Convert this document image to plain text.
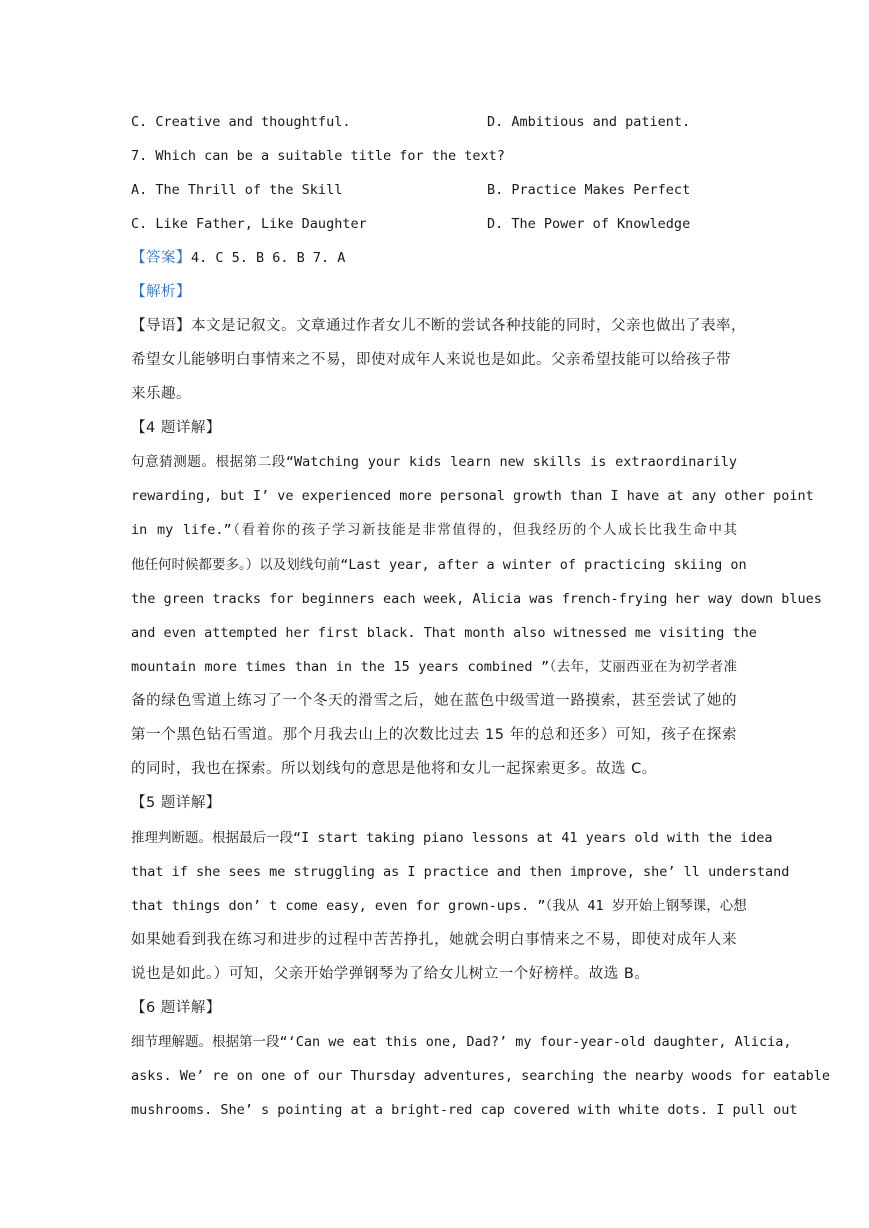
C. Creative and thoughtful.	D. Ambitious and patient.
7. Which can be a suitable title for the text?
A. The Thrill of the Skill	B. Practice Makes Perfect
C. Like Father, Like Daughter	D. The Power of Knowledge
【答案】4. C 5. B 6. B 7. A
【解析】
【导语】本文是记叙文。文章通过作者女儿不断的尝试各种技能的同时，父亲也做出了表率，
希望女儿能够明白事情来之不易，即使对成年人来说也是如此。父亲希望技能可以给孩子带
来乐趣。
【4 题详解】
句意猜测题。根据第二段“Watching your kids learn new skills is extraordinarily
rewarding, but I’ ve experienced more personal growth than I have at any other point
in my life.”（看着你的孩子学习新技能是非常值得的，但我经历的个人成长比我生命中其
他任何时候都要多。）以及划线句前“Last year, after a winter of practicing skiing on
the green tracks for beginners each week, Alicia was french-frying her way down blues
and even attempted her first black. That month also witnessed me visiting the
mountain more times than in the 15 years combined ”（去年，艾丽西亚在为初学者准
备的绿色雪道上练习了一个冬天的滑雪之后，她在蓝色中级雪道一路摸索，甚至尝试了她的
第一个黑色钻石雪道。那个月我去山上的次数比过去 15 年的总和还多）可知，孩子在探索
的同时，我也在探索。所以划线句的意思是他将和女儿一起探索更多。故选 C。
【5 题详解】
推理判断题。根据最后一段“I start taking piano lessons at 41 years old with the idea
that if she sees me struggling as I practice and then improve, she’ ll understand
that things don’ t come easy, even for grown-ups. ”（我从 41 岁开始上钢琴课，心想
如果她看到我在练习和进步的过程中苦苦挣扎，她就会明白事情来之不易，即使对成年人来
说也是如此。）可知，父亲开始学弹钢琴为了给女儿树立一个好榜样。故选 B。
【6 题详解】
细节理解题。根据第一段“‘Can we eat this one, Dad?’ my four-year-old daughter, Alicia,
asks. We’ re on one of our Thursday adventures, searching the nearby woods for eatable
mushrooms. She’ s pointing at a bright-red cap covered with white dots. I pull out
